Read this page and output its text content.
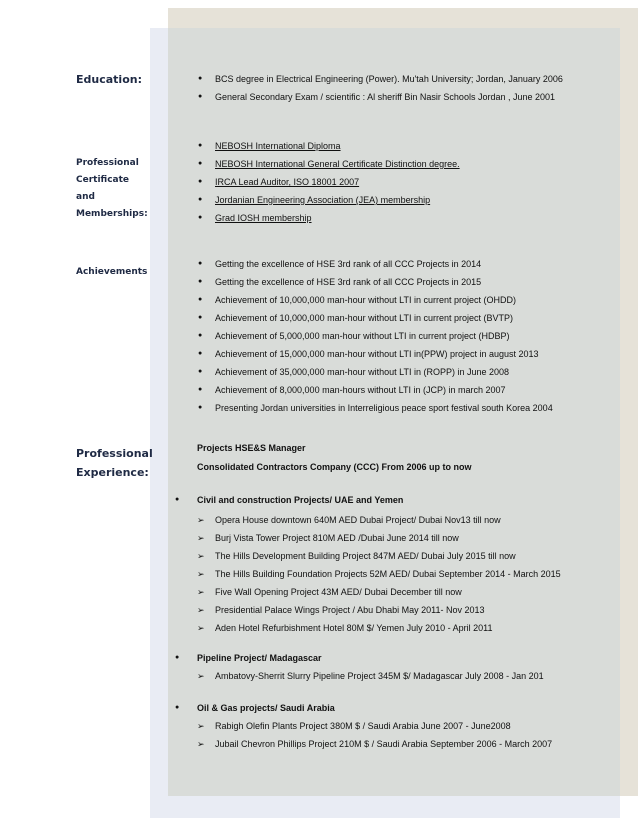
Education:	● BCS degree in Electrical Engineering (Power). Mu'tah University; Jordan, January 2006
● General Secondary Exam / scientific : Al sheriff Bin Nasir Schools Jordan , June 2001
Professional
Certificate
and
Memberships:
● NEBOSH International Diploma
● NEBOSH International General Certificate Distinction degree.
● IRCA Lead Auditor, ISO 18001 2007
● Jordanian Engineering Association (JEA) membership
● Grad IOSH membership
Achievements
● Getting the excellence of HSE 3rd rank of all CCC Projects in 2014
● Getting the excellence of HSE 3rd rank of all CCC Projects in 2015
● Achievement of 10,000,000 man-hour without LTI in current project (OHDD)
● Achievement of 10,000,000 man-hour without LTI in current project (BVTP)
● Achievement of 5,000,000 man-hour without LTI in current project (HDBP)
● Achievement of 15,000,000 man-hour without LTI in(PPW) project in august 2013
● Achievement of 35,000,000 man-hour without LTI in (ROPP) in June 2008
● Achievement of 8,000,000 man-hours without LTI in (JCP) in march 2007
● Presenting Jordan universities in Interreligious peace sport festival south Korea 2004
Professional
Experience:
Projects HSE&S Manager
Consolidated Contractors Company (CCC) From 2006 up to now
● Civil and construction Projects/ UAE and Yemen
➢ Opera House downtown 640M AED Dubai Project/ Dubai Nov13 till now
➢ Burj Vista Tower Project 810M AED /Dubai June 2014 till now
➢ The Hills Development Building Project 847M AED/ Dubai July 2015 till now
➢ The Hills Building Foundation Projects 52M AED/ Dubai September 2014 - March 2015
➢ Five Wall Opening Project 43M AED/ Dubai December till now
➢ Presidential Palace Wings Project / Abu Dhabi May 2011- Nov 2013
➢ Aden Hotel Refurbishment Hotel 80M $/ Yemen July 2010 - April 2011
● Pipeline Project/ Madagascar
➢ Ambatovy-Sherrit Slurry Pipeline Project 345M $/ Madagascar July 2008 - Jan 201
● Oil & Gas projects/ Saudi Arabia
➢ Rabigh Olefin Plants Project 380M $ / Saudi Arabia June 2007 - June2008
➢ Jubail Chevron Phillips Project 210M $ / Saudi Arabia September 2006 - March 2007
